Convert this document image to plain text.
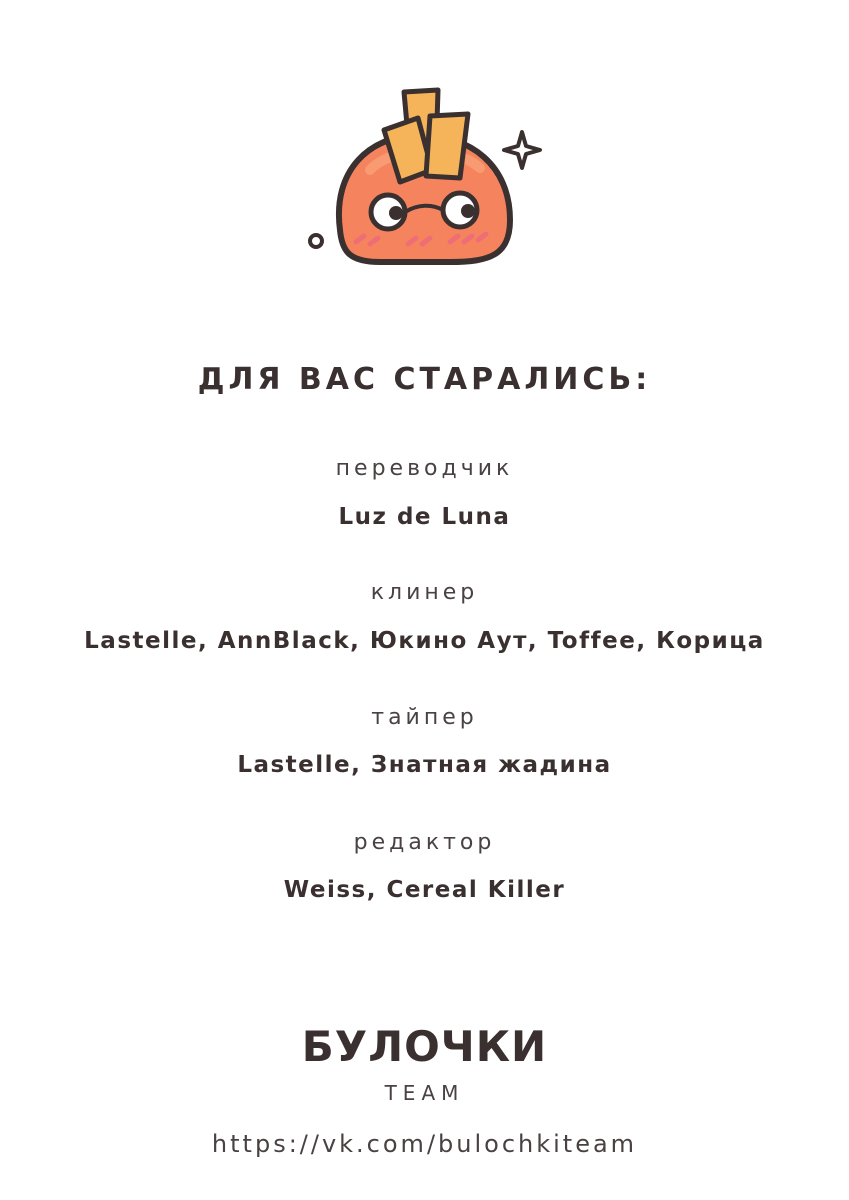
ДЛЯ ВАС СТАРАЛИСЬ:
переводчик
Luz de Luna
клинер
Lastelle, AnnBlack, Юкино Аут, Toffee, Корица
тайпер
Lastelle, Знатная жадина
редактор
Weiss, Cereal Killer
БУЛОЧКИ
TEAM
https://vk.com/bulochkiteam
